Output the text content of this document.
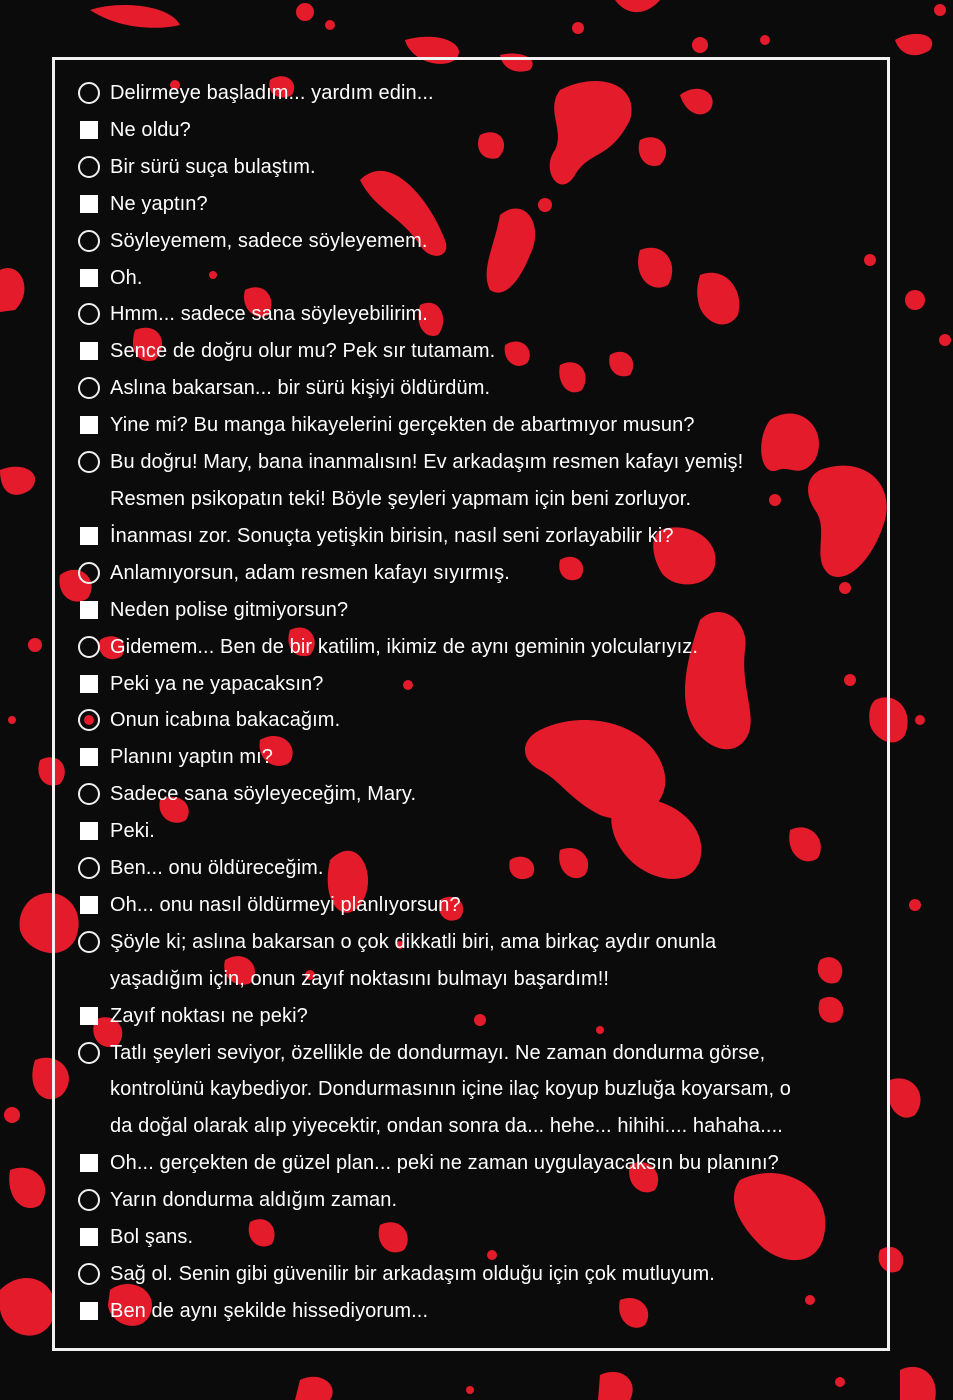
Delirmeye başladım... yardım edin...
Ne oldu?
Bir sürü suça bulaştım.
Ne yaptın?
Söyleyemem, sadece söyleyemem.
Oh.
Hmm... sadece sana söyleyebilirim.
Sence de doğru olur mu? Pek sır tutamam.
Aslına bakarsan... bir sürü kişiyi öldürdüm.
Yine mi? Bu manga hikayelerini gerçekten de abartmıyor musun?
Bu doğru! Mary, bana inanmalısın! Ev arkadaşım resmen kafayı yemiş!
Resmen psikopatın teki! Böyle şeyleri yapmam için beni zorluyor.
İnanması zor. Sonuçta yetişkin birisin, nasıl seni zorlayabilir ki?
Anlamıyorsun, adam resmen kafayı sıyırmış.
Neden polise gitmiyorsun?
Gidemem... Ben de bir katilim, ikimiz de aynı geminin yolcularıyız.
Peki ya ne yapacaksın?
Onun icabına bakacağım.
Planını yaptın mı?
Sadece sana söyleyeceğim, Mary.
Peki.
Ben... onu öldüreceğim.
Oh... onu nasıl öldürmeyi planlıyorsun?
Şöyle ki; aslına bakarsan o çok dikkatli biri, ama birkaç aydır onunla
yaşadığım için, onun zayıf noktasını bulmayı başardım!!
Zayıf noktası ne peki?
Tatlı şeyleri seviyor, özellikle de dondurmayı. Ne zaman dondurma görse,
kontrolünü kaybediyor. Dondurmasının içine ilaç koyup buzluğa koyarsam, o
da doğal olarak alıp yiyecektir, ondan sonra da... hehe... hihihi.... hahaha....
Oh... gerçekten de güzel plan... peki ne zaman uygulayacaksın bu planını?
Yarın dondurma aldığım zaman.
Bol şans.
Sağ ol. Senin gibi güvenilir bir arkadaşım olduğu için çok mutluyum.
Ben de aynı şekilde hissediyorum...
